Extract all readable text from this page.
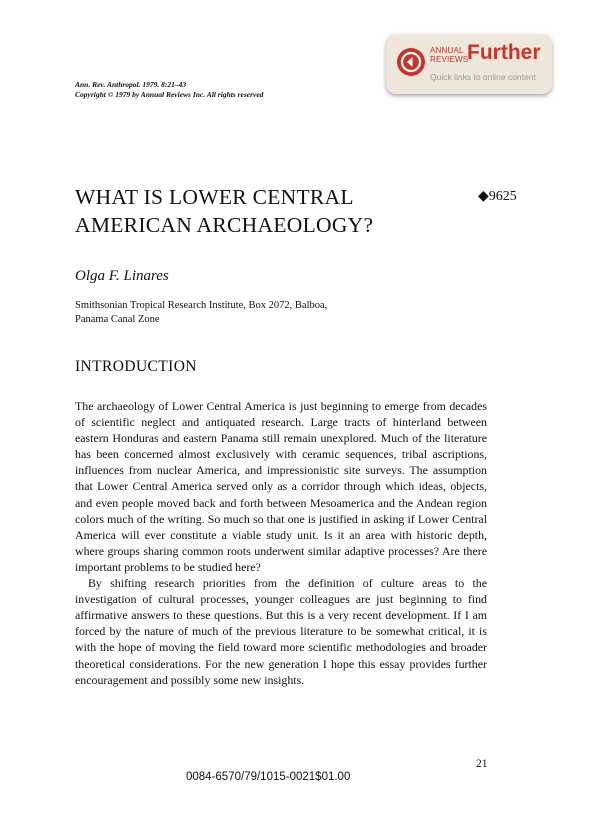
ANNUAL
REVIEWS
Further
Quick links to online content
Ann. Rev. Anthropol. 1979. 8:21–43
Copyright © 1979 by Annual Reviews Inc. All rights reserved
WHAT IS LOWER CENTRAL
AMERICAN ARCHAEOLOGY?
◆9625
Olga F. Linares
Smithsonian Tropical Research Institute, Box 2072, Balboa,
Panama Canal Zone
INTRODUCTION

The archaeology of Lower Central America is just beginning to emerge from decades of scientific neglect and antiquated research. Large tracts of hinterland between eastern Honduras and eastern Panama still remain unexplored. Much of the literature has been concerned almost exclusively with ceramic sequences, tribal ascriptions, influences from nuclear America, and impressionistic site surveys. The assumption that Lower Central America served only as a corridor through which ideas, objects, and even people moved back and forth between Mesoamerica and the Andean region colors much of the writing. So much so that one is justified in asking if Lower Central America will ever constitute a viable study unit. Is it an area with historic depth, where groups sharing common roots underwent similar adaptive processes? Are there important problems to be studied here?

By shifting research priorities from the definition of culture areas to the investigation of cultural processes, younger colleagues are just beginning to find affirmative answers to these questions. But this is a very recent development. If I am forced by the nature of much of the previous literature to be somewhat critical, it is with the hope of moving the field toward more scientific methodologies and broader theoretical considerations. For the new generation I hope this essay provides further encouragement and possibly some new insights.

21
0084-6570/79/1015-0021$01.00
